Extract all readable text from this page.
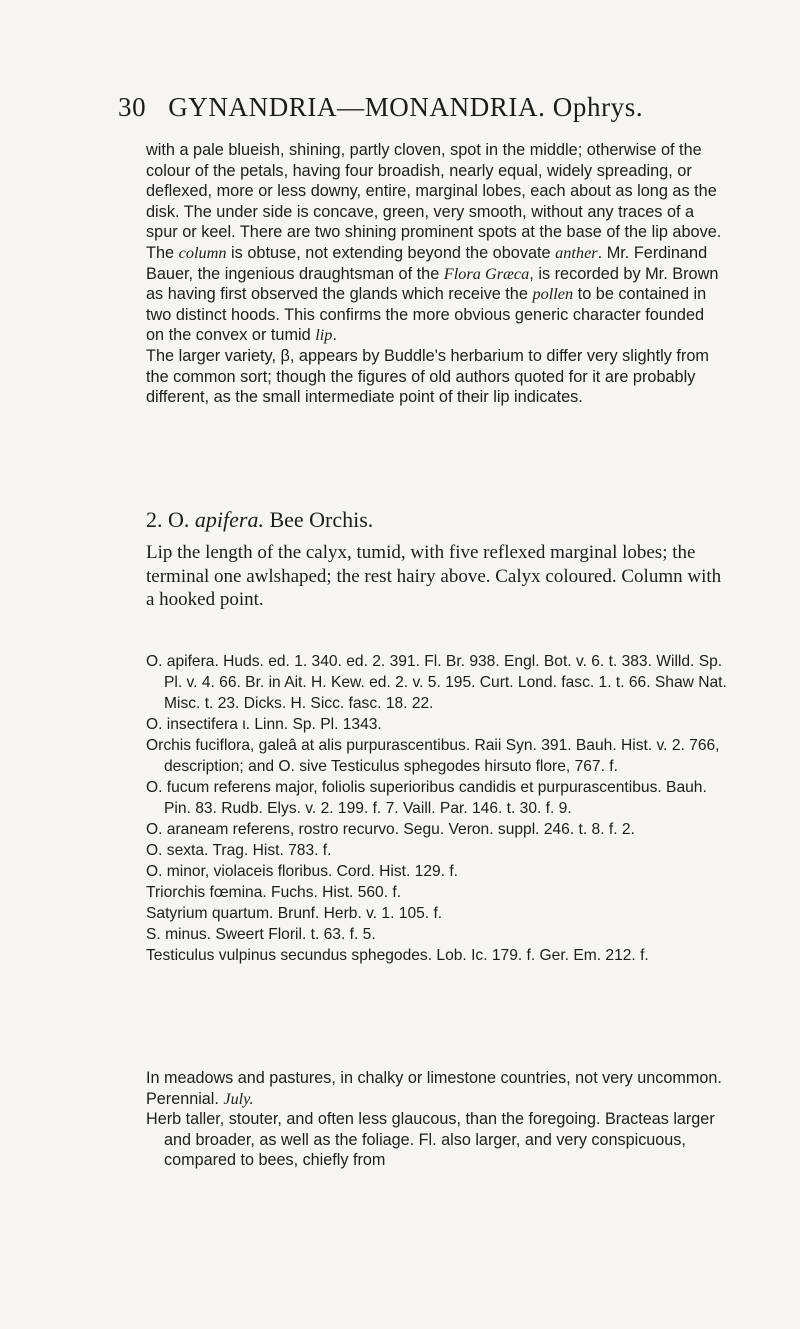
30 GYNANDRIA—MONANDRIA. Ophrys.

with a pale blueish, shining, partly cloven, spot in the middle; otherwise of the colour of the petals, having four broadish, nearly equal, widely spreading, or deflexed, more or less downy, entire, marginal lobes, each about as long as the disk. The under side is concave, green, very smooth, without any traces of a spur or keel. There are two shining prominent spots at the base of the lip above. The column is obtuse, not extending beyond the obovate anther. Mr. Ferdinand Bauer, the ingenious draughtsman of the Flora Græca, is recorded by Mr. Brown as having first observed the glands which receive the pollen to be contained in two distinct hoods. This confirms the more obvious generic character founded on the convex or tumid lip.

The larger variety, β, appears by Buddle's herbarium to differ very slightly from the common sort; though the figures of old authors quoted for it are probably different, as the small intermediate point of their lip indicates.

2. O. apifera. Bee Orchis.
Lip the length of the calyx, tumid, with five reflexed marginal lobes; the terminal one awlshaped; the rest hairy above. Calyx coloured. Column with a hooked point.

O. apifera. Huds. ed. 1. 340. ed. 2. 391. Fl. Br. 938. Engl. Bot. v. 6. t. 383. Willd. Sp. Pl. v. 4. 66. Br. in Ait. H. Kew. ed. 2. v. 5. 195. Curt. Lond. fasc. 1. t. 66. Shaw Nat. Misc. t. 23. Dicks. H. Sicc. fasc. 18. 22.

O. insectifera ι. Linn. Sp. Pl. 1343.

Orchis fuciflora, galeâ at alis purpurascentibus. Raii Syn. 391. Bauh. Hist. v. 2. 766, description; and O. sive Testiculus sphegodes hirsuto flore, 767. f.

O. fucum referens major, foliolis superioribus candidis et purpurascentibus. Bauh. Pin. 83. Rudb. Elys. v. 2. 199. f. 7. Vaill. Par. 146. t. 30. f. 9.

O. araneam referens, rostro recurvo. Segu. Veron. suppl. 246. t. 8. f. 2.

O. sexta. Trag. Hist. 783. f.

O. minor, violaceis floribus. Cord. Hist. 129. f.

Triorchis fœmina. Fuchs. Hist. 560. f.

Satyrium quartum. Brunf. Herb. v. 1. 105. f.

S. minus. Sweert Floril. t. 63. f. 5.

Testiculus vulpinus secundus sphegodes. Lob. Ic. 179. f. Ger. Em. 212. f.

In meadows and pastures, in chalky or limestone countries, not very uncommon.

Perennial. July.

Herb taller, stouter, and often less glaucous, than the foregoing. Bracteas larger and broader, as well as the foliage. Fl. also larger, and very conspicuous, compared to bees, chiefly from
